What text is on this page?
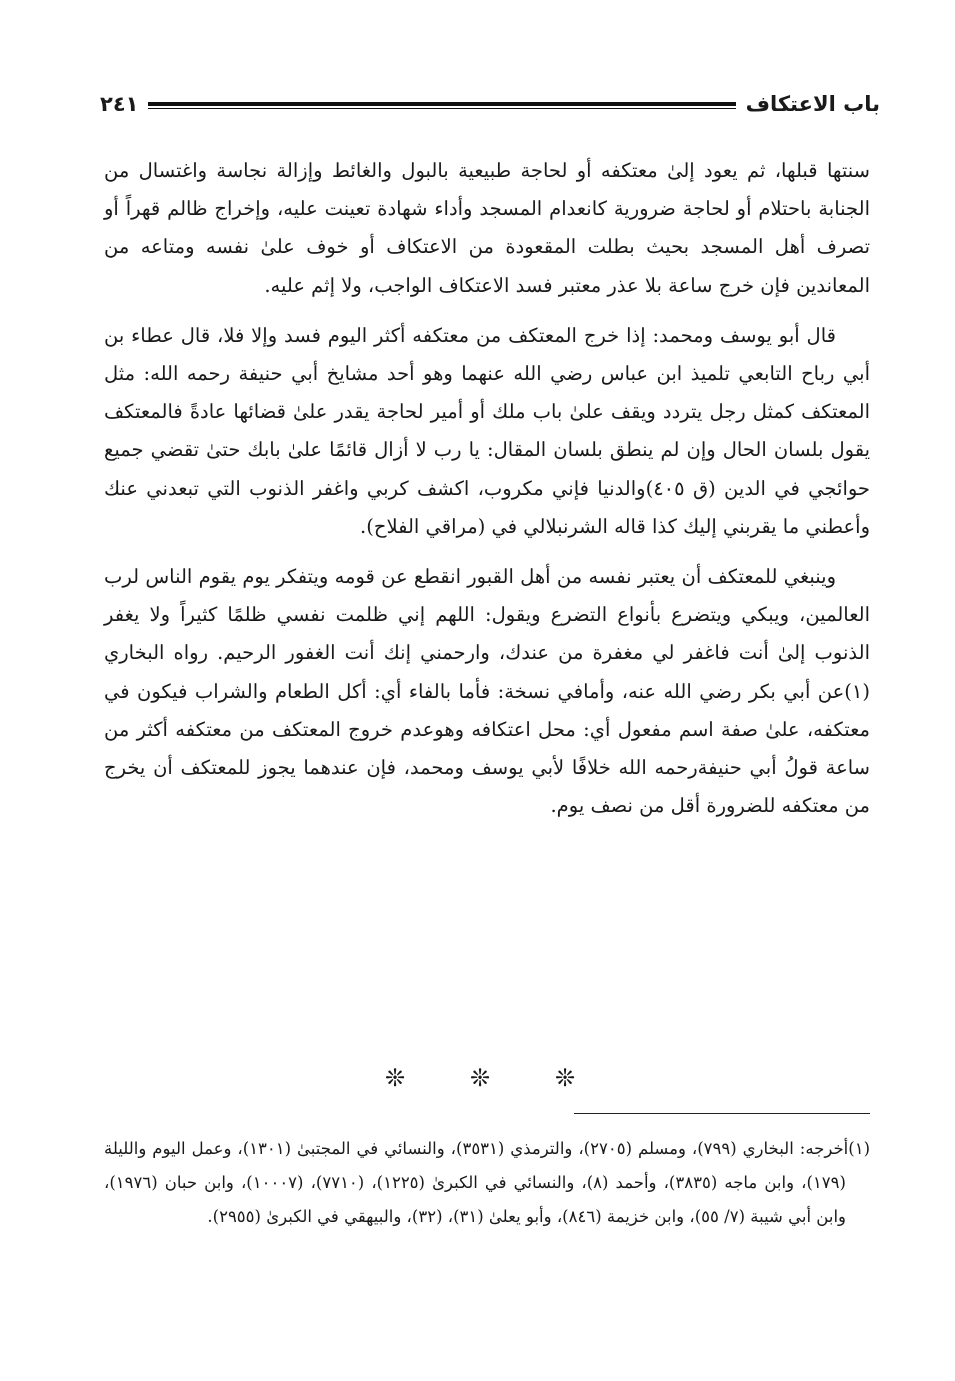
باب الاعتكاف
٢٤١

سنتها قبلها، ثم يعود إلىٰ معتكفه أو لحاجة طبيعية بالبول والغائط وإزالة نجاسة واغتسال من الجنابة باحتلام أو لحاجة ضرورية كانعدام المسجد وأداء شهادة تعينت عليه، وإخراج ظالم قهراً أو تصرف أهل المسجد بحيث بطلت المقعودة من الاعتكاف أو خوف علىٰ نفسه ومتاعه من المعاندين فإن خرج ساعة بلا عذر معتبر فسد الاعتكاف الواجب، ولا إثم عليه.

قال أبو يوسف ومحمد: إذا خرج المعتكف من معتكفه أكثر اليوم فسد وإلا فلا، قال عطاء بن أبي رباح التابعي تلميذ ابن عباس رضي الله عنهما وهو أحد مشايخ أبي حنيفة رحمه الله: مثل المعتكف كمثل رجل يتردد ويقف علىٰ باب ملك أو أمير لحاجة يقدر علىٰ قضائها عادةً فالمعتكف يقول بلسان الحال وإن لم ينطق بلسان المقال: يا رب لا أزال قائمًا علىٰ بابك حتىٰ تقضي جميع حوائجي في الدين (ق ٤٠٥)والدنيا فإني مكروب، اكشف كربي واغفر الذنوب التي تبعدني عنك وأعطني ما يقربني إليك كذا قاله الشرنبلالي في (مراقي الفلاح).

وينبغي للمعتكف أن يعتبر نفسه من أهل القبور انقطع عن قومه ويتفكر يوم يقوم الناس لرب العالمين، ويبكي ويتضرع بأنواع التضرع ويقول: اللهم إني ظلمت نفسي ظلمًا كثيراً ولا يغفر الذنوب إلىٰ أنت فاغفر لي مغفرة من عندك، وارحمني إنك أنت الغفور الرحيم. رواه البخاري (١)عن أبي بكر رضي الله عنه، وأمافي نسخة: فأما بالفاء أي: أكل الطعام والشراب فيكون في معتكفه، علىٰ صفة اسم مفعول أي: محل اعتكافه وهوعدم خروج المعتكف من معتكفه أكثر من ساعة قولُ أبي حنيفةرحمه الله خلافًا لأبي يوسف ومحمد، فإن عندهما يجوز للمعتكف أن يخرج من معتكفه للضرورة أقل من نصف يوم.

❊
❊
❊

(١)أخرجه: البخاري (٧٩٩)، ومسلم (٢٧٠٥)، والترمذي (٣٥٣١)، والنسائي في المجتبىٰ (١٣٠١)، وعمل اليوم والليلة (١٧٩)، وابن ماجه (٣٨٣٥)، وأحمد (٨)، والنسائي في الكبرىٰ (١٢٢٥)، (٧٧١٠)، (١٠٠٠٧)، وابن حبان (١٩٧٦)، وابن أبي شيبة (٧/ ٥٥)، وابن خزيمة (٨٤٦)، وأبو يعلىٰ (٣١)، (٣٢)، والبيهقي في الكبرىٰ (٢٩٥٥).
